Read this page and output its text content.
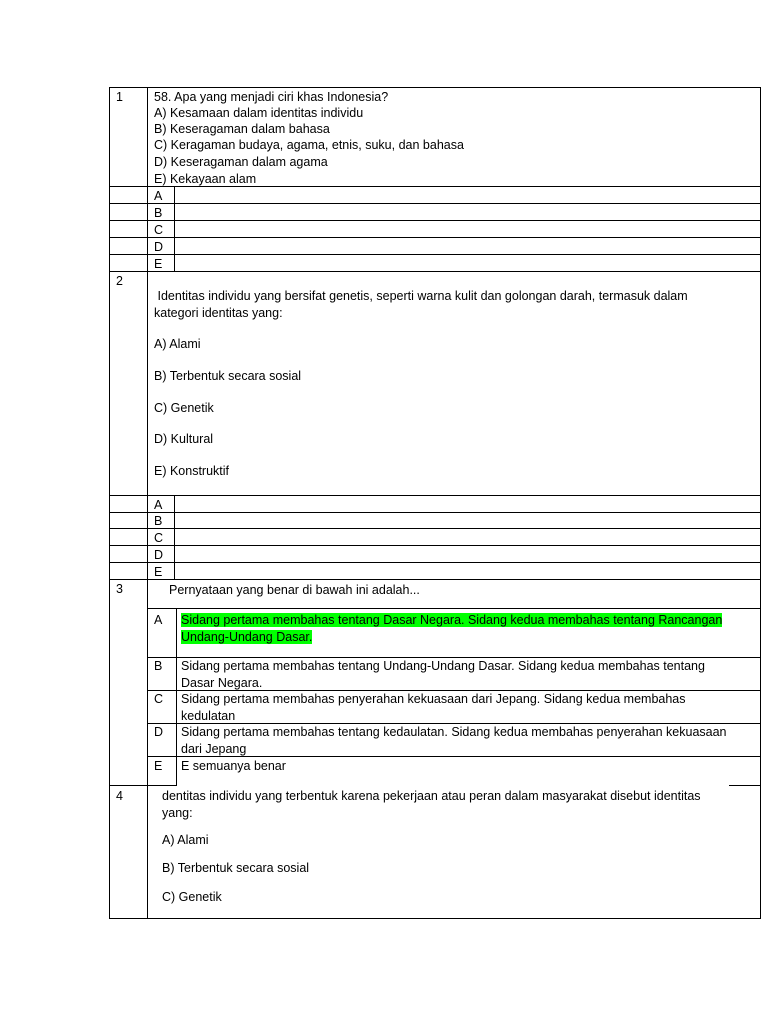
1 58. Apa yang menjadi ciri khas Indonesia?
A) Kesamaan dalam identitas individu
B) Keseragaman dalam bahasa
C) Keragaman budaya, agama, etnis, suku, dan bahasa
D) Keseragaman dalam agama
E) Kekayaan alam
A
B
C
D
E
2
Identitas individu yang bersifat genetis, seperti warna kulit dan golongan darah, termasuk dalam kategori identitas yang:
A) Alami
B) Terbentuk secara sosial
C) Genetik
D) Kultural
E) Konstruktif
A
B
C
D
E
3	Pernyataan yang benar di bawah ini adalah...
A Sidang pertama membahas tentang Dasar Negara. Sidang kedua membahas tentang Rancangan Undang-Undang Dasar.
B Sidang pertama membahas tentang Undang-Undang Dasar. Sidang kedua membahas tentang Dasar Negara.
C Sidang pertama membahas penyerahan kekuasaan dari Jepang. Sidang kedua membahas kedulatan
D Sidang pertama membahas tentang kedaulatan. Sidang kedua membahas penyerahan kekuasaan dari Jepang
E E semuanya benar
4	dentitas individu yang terbentuk karena pekerjaan atau peran dalam masyarakat disebut identitas yang:
A) Alami
B) Terbentuk secara sosial
C) Genetik
